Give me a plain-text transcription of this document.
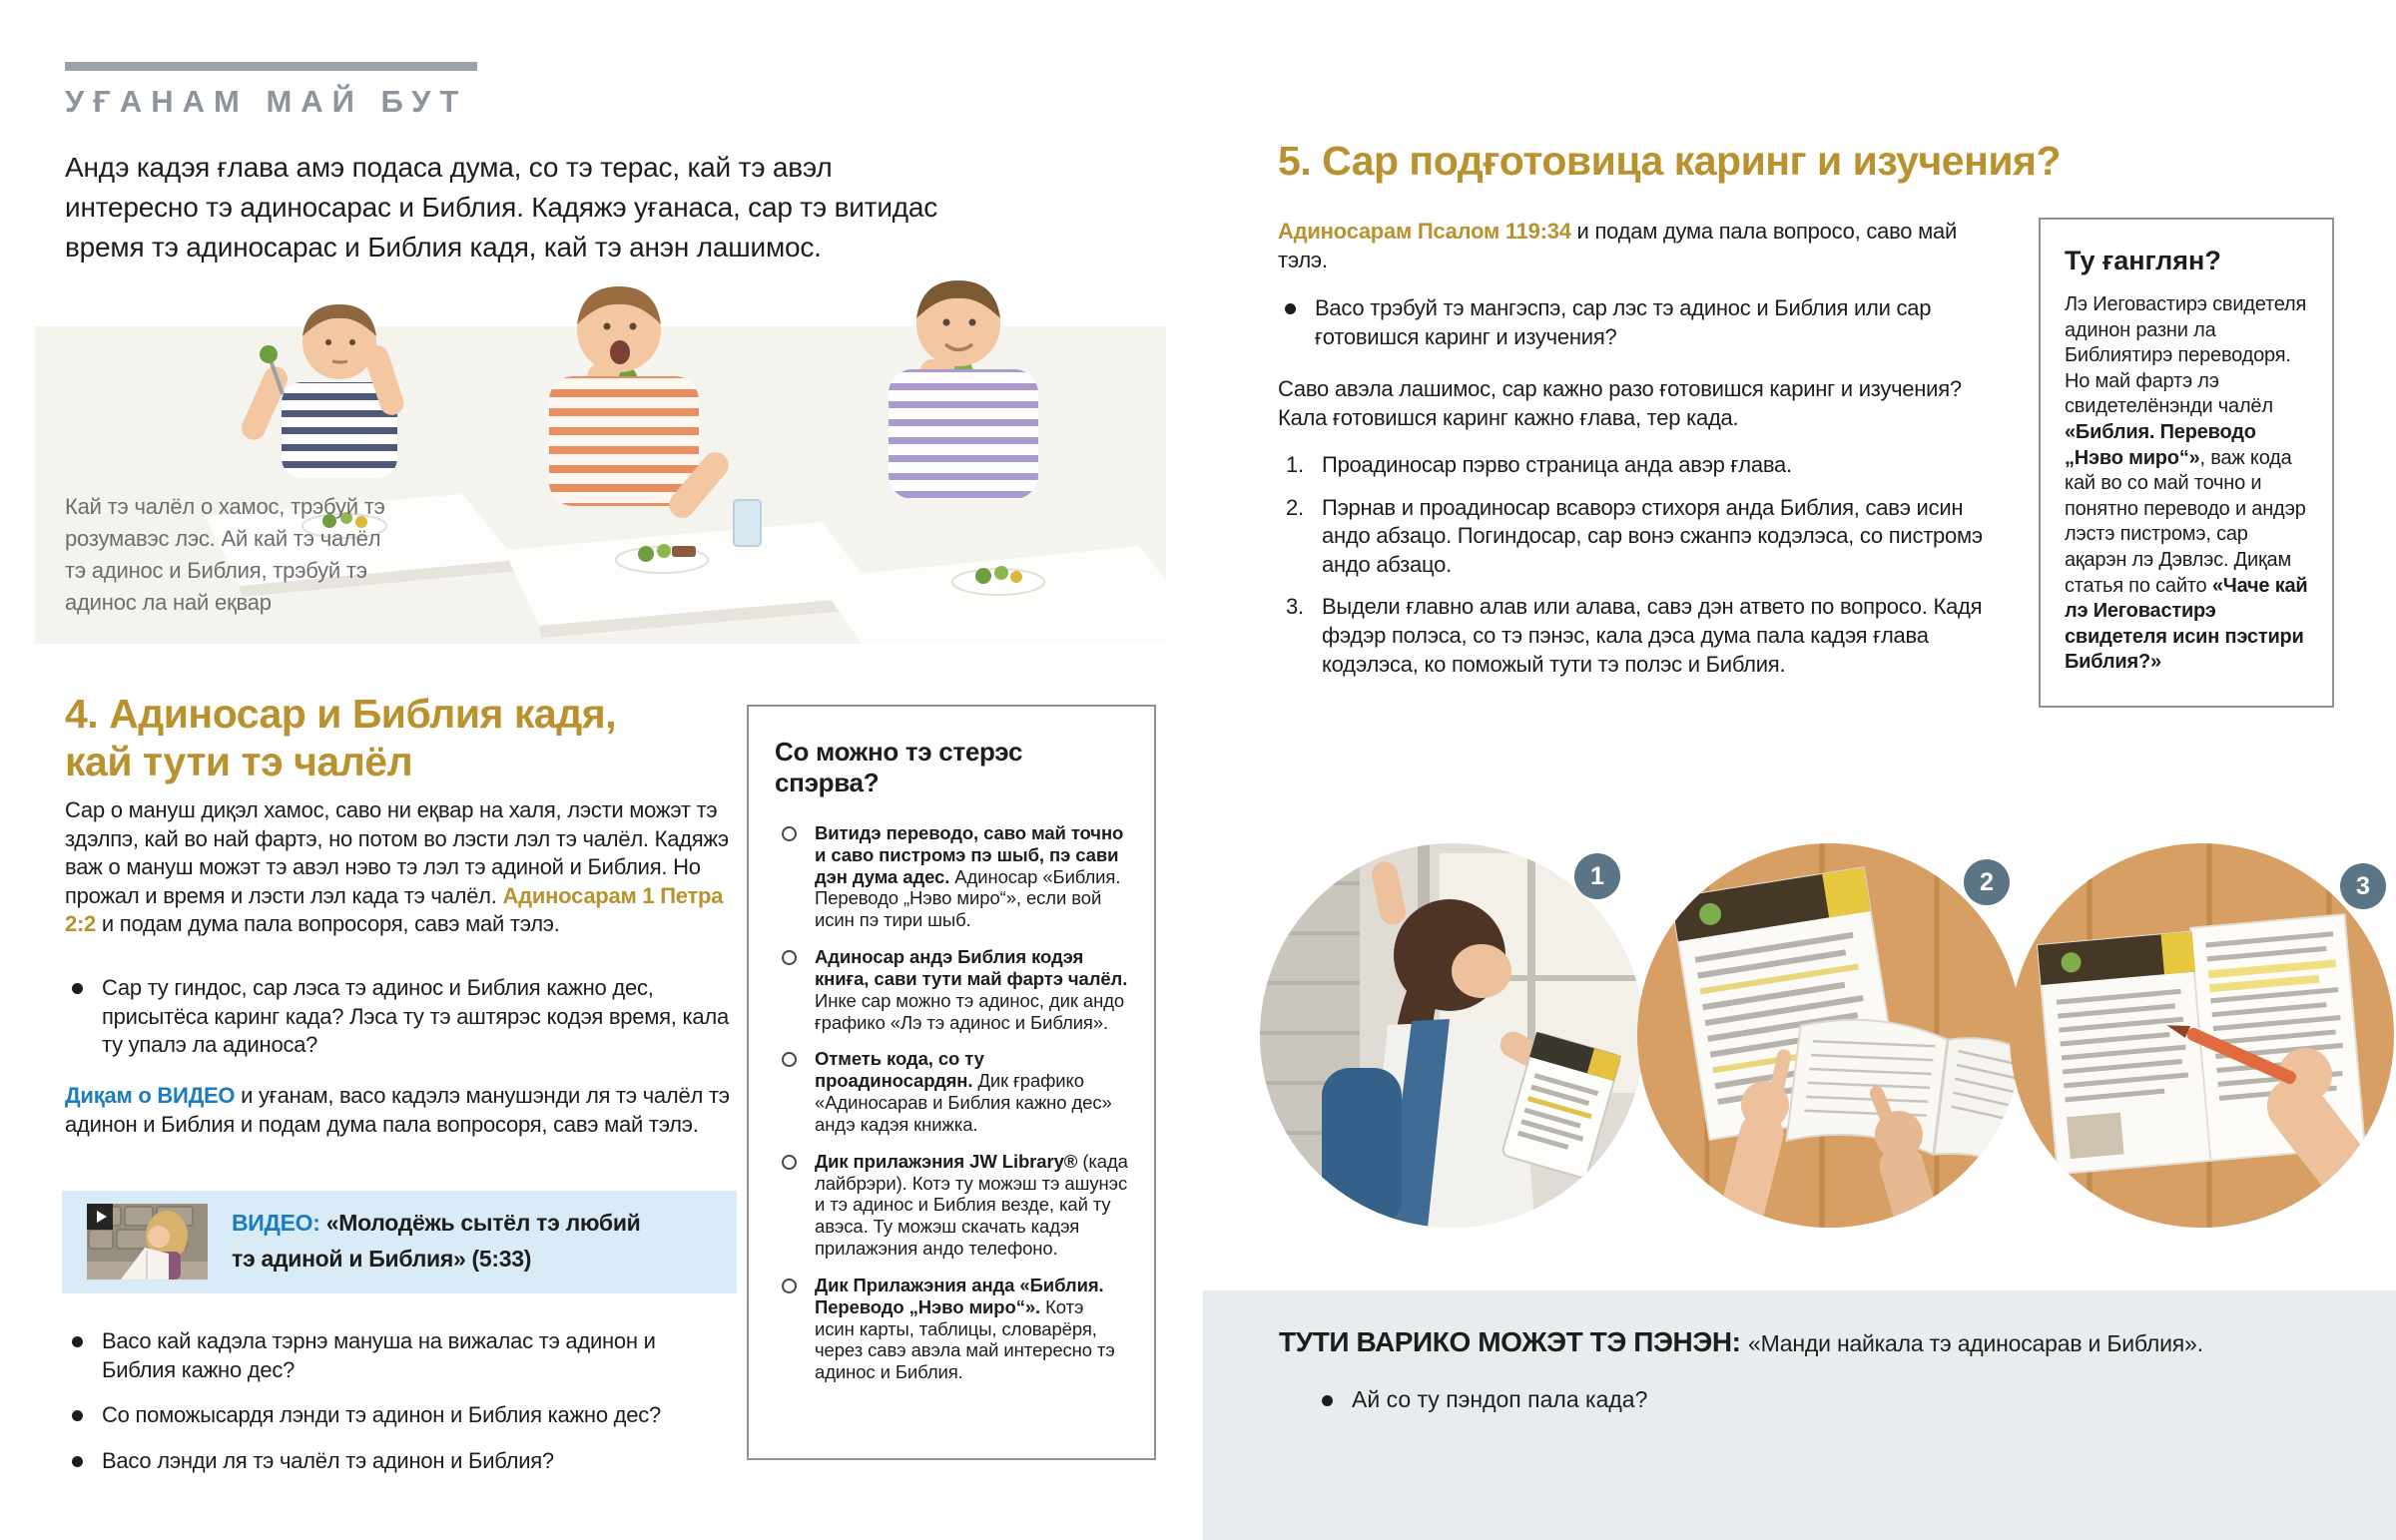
УҒАНАМ МАЙ БУТ

Андэ кадэя ғлава амэ подаса дума, со тэ терас, кай тэ авэл интересно тэ адиносарас и Библия. Кадяжэ уғанаса, сар тэ витидас время тэ адиносарас и Библия кадя, кай тэ анэн лашимос.

Кай тэ чалёл о хамос, трэбуй тэ розумавэс лэс. Ай кай тэ чалёл тэ адинос и Библия, трэбуй тэ адинос ла най еқвар
4. Адиносар и Библия кадя,
кай тути тэ чалёл

Сар о мануш диқэл хамос, саво ни еқвар на халя, лэсти можэт тэ здэлпэ, кай во най фартэ, но потом во лэсти лэл тэ чалёл. Кадяжэ важ о мануш можэт тэ авэл нэво тэ лэл тэ адиной и Библия. Но прожал и время и лэсти лэл када тэ чалёл. Адиносарам 1 Петра 2:2 и подам дума пала вопросоря, савэ май тэлэ.

Сар ту гиндос, сар лэса тэ адинос и Библия кажно дес, присытёса каринг када? Лэса ту тэ аштярэс кодэя время, кала ту упалэ ла адиноса?

Диқам о ВИДЕО и уғанам, васо кадэлэ манушэнди ля тэ чалёл тэ адинон и Библия и подам дума пала вопросоря, савэ май тэлэ.

ВИДЕО: «Молодёжь сытёл тэ любий тэ адиной и Библия» (5:33)

Васо кай кадэла тэрнэ мануша на вижалас тэ адинон и Библия кажно дес?
Со поможысардя лэнди тэ адинон и Библия кажно дес?
Васо лэнди ля тэ чалёл тэ адинон и Библия?
Со можно тэ стерэс спэрва?
Витидэ переводо, саво май точно и саво пистромэ пэ шыб, пэ сави дэн дума адес. Адиносар «Библия. Переводо „Нэво миро“», если вой исин пэ тири шыб.
Адиносар андэ Библия кодэя книға, сави тути май фартэ чалёл. Инке сар можно тэ адинос, дик андо ғрафико «Лэ тэ адинос и Библия».
Отметь кода, со ту проадиносардян. Дик ғрафико «Адиносарав и Библия кажно дес» андэ кадэя книжка.
Дик прилажэния JW Library® (када лайбрэри). Котэ ту можэш тэ ашунэс и тэ адинос и Библия везде, кай ту авэса. Ту можэш скачать кадэя прилажэния андо телефоно.
Дик Прилажэния анда «Библия. Переводо „Нэво миро“». Котэ исин карты, таблицы, словарёря, через савэ авэла май интересно тэ адинос и Библия.
5. Сар подғотовица каринг и изучения?

Адиносарам Псалом 119:34 и подам дума пала вопросо, саво май тэлэ.

Васо трэбуй тэ мангэспэ, сар лэс тэ адинос и Библия или сар ғотовишся каринг и изучения?

Саво авэла лашимос, сар кажно разо ғотовишся каринг и изучения? Кала ғотовишся каринг кажно ғлава, тер када.

1. Проадиносар пэрво страница анда авэр ғлава.
2. Пэрнав и проадиносар всаворэ стихоря анда Библия, савэ исин андо абзацо. Погиндосар, сар вонэ сжанпэ кодэлэса, со пистромэ андо абзацо.
3. Выдели ғлавно алав или алава, савэ дэн атвето по вопросо. Кадя фэдэр полэса, со тэ пэнэс, кала дэса дума пала кадэя ғлава кодэлэса, ко поможый тути тэ полэс и Библия.
Ту ғанглян?

Лэ Иеговастирэ свидетеля адинон разни ла Библиятирэ переводоря. Но май фартэ лэ свидетелёнэнди чалёл «Библия. Переводо „Нэво миро“», важ кода кай во со май точно и понятно переводо и андэр лэстэ пистромэ, сар ақарэн лэ Дэвлэс. Диқам статья по сайто «Чаче кай лэ Иеговастирэ свидетеля исин пэстири Библия?»

1	2	3

ТУТИ ВАРИКО МОЖЭТ ТЭ ПЭНЭН: «Манди найкала тэ адиносарав и Библия».

Ай со ту пэндоп пала када?
